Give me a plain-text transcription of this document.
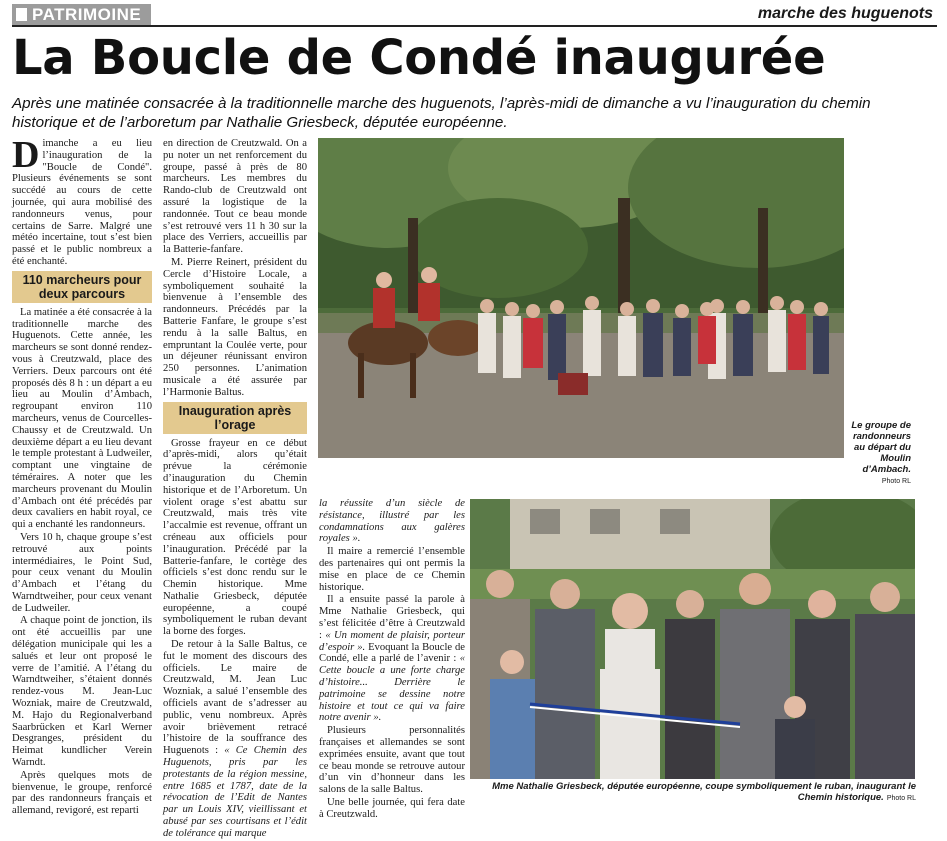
PATRIMOINE	marche des huguenots
La Boucle de Condé inaugurée
Après une matinée consacrée à la traditionnelle marche des huguenots, l’après-midi de dimanche a vu l’inauguration du chemin historique et de l’arboretum par Nathalie Griesbeck, députée européenne.

Dimanche a eu lieu l’inauguration de la "Boucle de Condé". Plusieurs événements se sont succédé au cours de cette journée, qui aura mobilisé des randonneurs venus, pour certains de Sarre. Malgré une météo incertaine, tout s’est bien passé et le public nombreux a été enchanté.

110 marcheurs pour deux parcours

La matinée a été consacrée à la traditionnelle marche des Huguenots. Cette année, les marcheurs se sont donné rendez-vous à Creutzwald, place des Verriers. Deux parcours ont été proposés dès 8 h : un départ a eu lieu au Moulin d’Ambach, regroupant environ 110 marcheurs, venus de Courcelles-Chaussy et de Creutzwald. Un deuxième départ a eu lieu devant le temple protestant à Ludweiler, comptant une vingtaine de téméraires. A noter que les marcheurs provenant du Moulin d’Ambach ont été précédés par deux cavaliers en habit royal, ce qui a enchanté les randonneurs.

Vers 10 h, chaque groupe s’est retrouvé aux points intermédiaires, le Point Sud, pour ceux venant du Moulin d’Ambach et l’étang du Warndtweiher, pour ceux venant de Ludweiler.

A chaque point de jonction, ils ont été accueillis par une délégation municipale qui les a salués et leur ont proposé le verre de l’amitié. A l’étang du Warndtweiher, s’étaient donnés rendez-vous M. Jean-Luc Wozniak, maire de Creutzwald, M. Hajo du Regionalverband Saarbrücken et Karl Werner Desgranges, président du Heimat kundlicher Verein Warndt.

Après quelques mots de bienvenue, le groupe, renforcé par des randonneurs français et allemand, revigoré, est reparti

en direction de Creutzwald. On a pu noter un net renforcement du groupe, passé à près de 80 marcheurs. Les membres du Rando-club de Creutzwald ont assuré la logistique de la randonnée. Tout ce beau monde s’est retrouvé vers 11 h 30 sur la place des Verriers, accueillis par la Batterie-fanfare.

M. Pierre Reinert, président du Cercle d’Histoire Locale, a symboliquement souhaité la bienvenue à l’ensemble des randonneurs. Précédés par la Batterie Fanfare, le groupe s’est rendu à la salle Baltus, en empruntant la Coulée verte, pour un déjeuner réunissant environ 250 personnes. L’animation musicale a été assurée par l’Harmonie Baltus.

Inauguration après l’orage

Grosse frayeur en ce début d’après-midi, alors qu’était prévue la cérémonie d’inauguration du Chemin historique et de l’Arboretum. Un violent orage s’est abattu sur Creutzwald, mais très vite l’accalmie est revenue, offrant un créneau aux officiels pour l’inauguration. Précédé par la Batterie-fanfare, le cortège des officiels s’est donc rendu sur le Chemin historique. Mme Nathalie Griesbeck, députée européenne, a coupé symboliquement le ruban devant la borne des forges.

De retour à la Salle Baltus, ce fut le moment des discours des officiels. Le maire de Creutzwald, M. Jean Luc Wozniak, a salué l’ensemble des officiels avant de s’adresser au public, venu nombreux. Après avoir brièvement retracé l’histoire de la souffrance des Huguenots : « Ce Chemin des Huguenots, pris par les protestants de la région messine, entre 1685 et 1787, date de la révocation de l’Edit de Nantes par un Louis XIV, vieillissant et abusé par ses courtisans et l’édit de tolérance qui marque

la réussite d’un siècle de résistance, illustré par les condamnations aux galères royales ».

Il maire a remercié l’ensemble des partenaires qui ont permis la mise en place de ce Chemin historique.

Il a ensuite passé la parole à Mme Nathalie Griesbeck, qui s’est félicitée d’être à Creutzwald : « Un moment de plaisir, porteur d’espoir ». Evoquant la Boucle de Condé, elle a parlé de l’avenir : « Cette boucle a une forte charge d’histoire... Derrière le patrimoine se dessine notre histoire et tout ce qui va faire notre avenir ».

Plusieurs personnalités françaises et allemandes se sont exprimées ensuite, avant que tout ce beau monde se retrouve autour d’un vin d’honneur dans les salons de la salle Baltus.

Une belle journée, qui fera date à Creutzwald.

Le groupe de randonneurs au départ du Moulin d’Ambach.
Photo RL
Mme Nathalie Griesbeck, députée européenne, coupe symboliquement le ruban, inaugurant le Chemin historique. Photo RL
